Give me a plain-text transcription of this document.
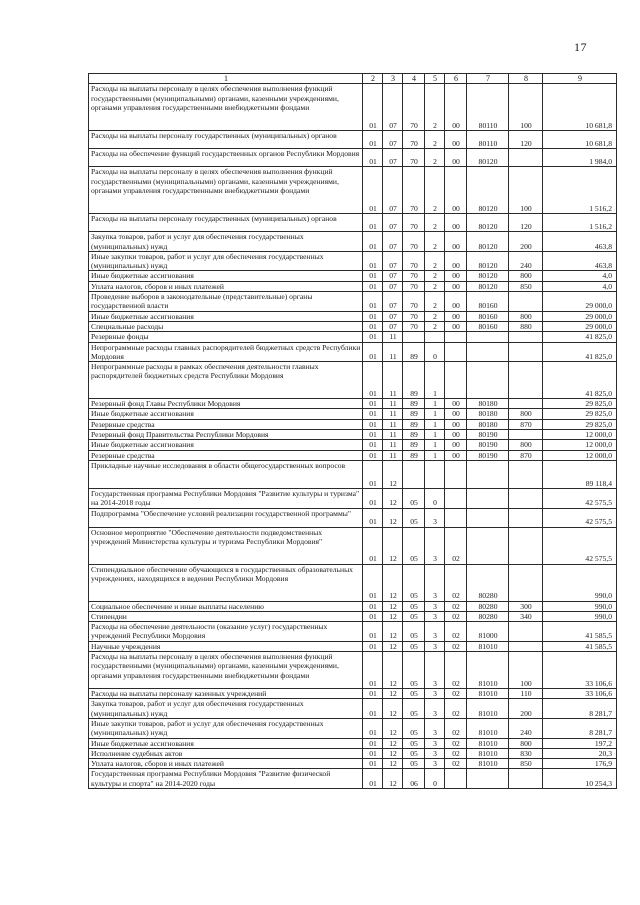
17
1	2	3	4	5	6	7	8	9
Расходы на выплаты персоналу в целях обеспечения выполнения функций государственными (муниципальными) органами, казенными учреждениями, органами управления государственными внебюджетными фондами	01	07	70	2	00	80110	100	10 681,8
Расходы на выплаты персоналу государственных (муниципальных) органов	01	07	70	2	00	80110	120	10 681,8
Расходы на обеспечение функций государственных органов Республики Мордовия	01	07	70	2	00	80120		1 984,0
Расходы на выплаты персоналу в целях обеспечения выполнения функций государственными (муниципальными) органами, казенными учреждениями, органами управления государственными внебюджетными фондами	01	07	70	2	00	80120	100	1 516,2
Расходы на выплаты персоналу государственных (муниципальных) органов	01	07	70	2	00	80120	120	1 516,2
Закупка товаров, работ и услуг для обеспечения государственных (муниципальных) нужд	01	07	70	2	00	80120	200	463,8
Иные закупки товаров, работ и услуг для обеспечения государственных (муниципальных) нужд	01	07	70	2	00	80120	240	463,8
Иные бюджетные ассигнования	01	07	70	2	00	80120	800	4,0
Уплата налогов, сборов и иных платежей	01	07	70	2	00	80120	850	4,0
Проведение выборов в законодательные (представительные) органы государственной власти	01	07	70	2	00	80160		29 000,0
Иные бюджетные ассигнования	01	07	70	2	00	80160	800	29 000,0
Специальные расходы	01	07	70	2	00	80160	880	29 000,0
Резервные фонды	01	11						41 825,0
Непрограммные расходы главных распорядителей бюджетных средств Республики Мордовия	01	11	89	0				41 825,0
Непрограммные расходы в рамках обеспечения деятельности главных распорядителей бюджетных средств Республики Мордовия	01	11	89	1				41 825,0
Резервный фонд Главы Республики Мордовия	01	11	89	1	00	80180		29 825,0
Иные бюджетные ассигнования	01	11	89	1	00	80180	800	29 825,0
Резервные средства	01	11	89	1	00	80180	870	29 825,0
Резервный фонд Правительства Республики Мордовия	01	11	89	1	00	80190		12 000,0
Иные бюджетные ассигнования	01	11	89	1	00	80190	800	12 000,0
Резервные средства	01	11	89	1	00	80190	870	12 000,0
Прикладные научные исследования в области общегосударственных вопросов	01	12						89 118,4
Государственная программа Республики Мордовия "Развитие культуры и туризма" на 2014-2018 годы	01	12	05	0				42 575,5
Подпрограмма "Обеспечение условий реализации государственной программы"	01	12	05	3				42 575,5
Основное мероприятие "Обеспечение деятельности подведомственных учреждений Министерства культуры и туризма Республики Мордовия"	01	12	05	3	02			42 575,5
Стипендиальное обеспечение обучающихся в государственных образовательных учреждениях, находящихся в ведении Республики Мордовия	01	12	05	3	02	80280		990,0
Социальное обеспечение и иные выплаты населению	01	12	05	3	02	80280	300	990,0
Стипендии	01	12	05	3	02	80280	340	990,0
Расходы на обеспечение деятельности (оказание услуг) государственных учреждений Республики Мордовия	01	12	05	3	02	81000		41 585,5
Научные учреждения	01	12	05	3	02	81010		41 585,5
Расходы на выплаты персоналу в целях обеспечения выполнения функций государственными (муниципальными) органами, казенными учреждениями, органами управления государственными внебюджетными фондами	01	12	05	3	02	81010	100	33 106,6
Расходы на выплаты персоналу казенных учреждений	01	12	05	3	02	81010	110	33 106,6
Закупка товаров, работ и услуг для обеспечения государственных (муниципальных) нужд	01	12	05	3	02	81010	200	8 281,7
Иные закупки товаров, работ и услуг для обеспечения государственных (муниципальных) нужд	01	12	05	3	02	81010	240	8 281,7
Иные бюджетные ассигнования	01	12	05	3	02	81010	800	197,2
Исполнение судебных актов	01	12	05	3	02	81010	830	20,3
Уплата налогов, сборов и иных платежей	01	12	05	3	02	81010	850	176,9
Государственная программа Республики Мордовия "Развитие физической культуры и спорта" на 2014-2020 годы	01	12	06	0				10 254,3
